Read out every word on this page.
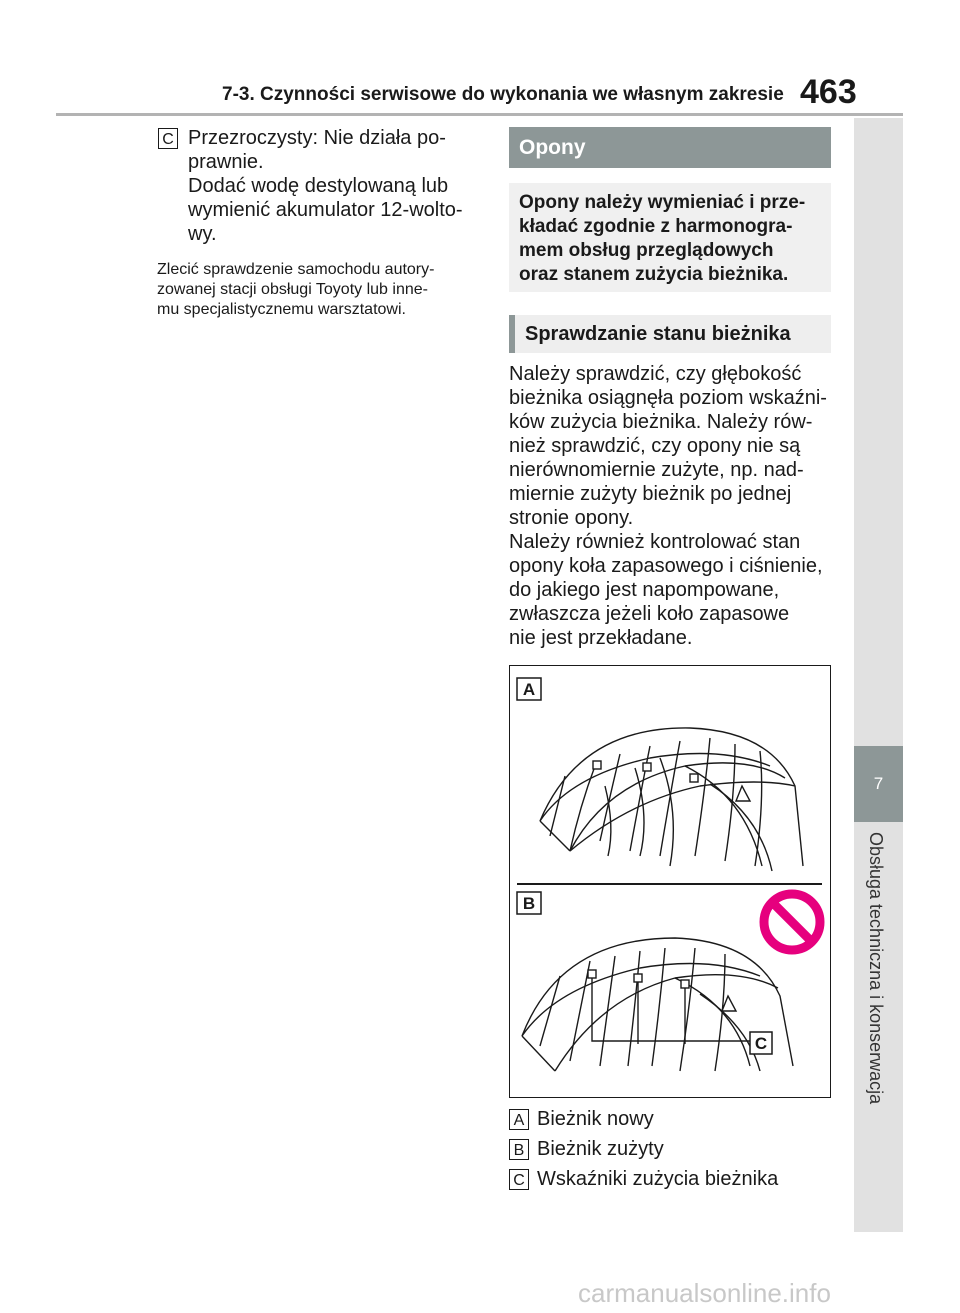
7-3. Czynności serwisowe do wykonania we własnym zakresie 463
7
Obsługa techniczna i konserwacja
C Przezroczysty: Nie działa po-
prawnie.
Dodać wodę destylowaną lub
wymienić akumulator 12-wolto-
wy.
Zlecić sprawdzenie samochodu autory-
zowanej stacji obsługi Toyoty lub inne-
mu specjalistycznemu warsztatowi.
Opony
Opony należy wymieniać i prze-
kładać zgodnie z harmonogra-
mem obsług przeglądowych
oraz stanem zużycia bieżnika.
Sprawdzanie stanu bieżnika
Należy sprawdzić, czy głębokość
bieżnika osiągnęła poziom wskaźni-
ków zużycia bieżnika. Należy rów-
nież sprawdzić, czy opony nie są
nierównomiernie zużyte, np. nad-
miernie zużyty bieżnik po jednej
stronie opony.
Należy również kontrolować stan
opony koła zapasowego i ciśnienie,
do jakiego jest napompowane,
zwłaszcza jeżeli koło zapasowe
nie jest przekładane.
A
B
C
A Bieżnik nowy
B Bieżnik zużyty
C Wskaźniki zużycia bieżnika
carmanualsonline.info
